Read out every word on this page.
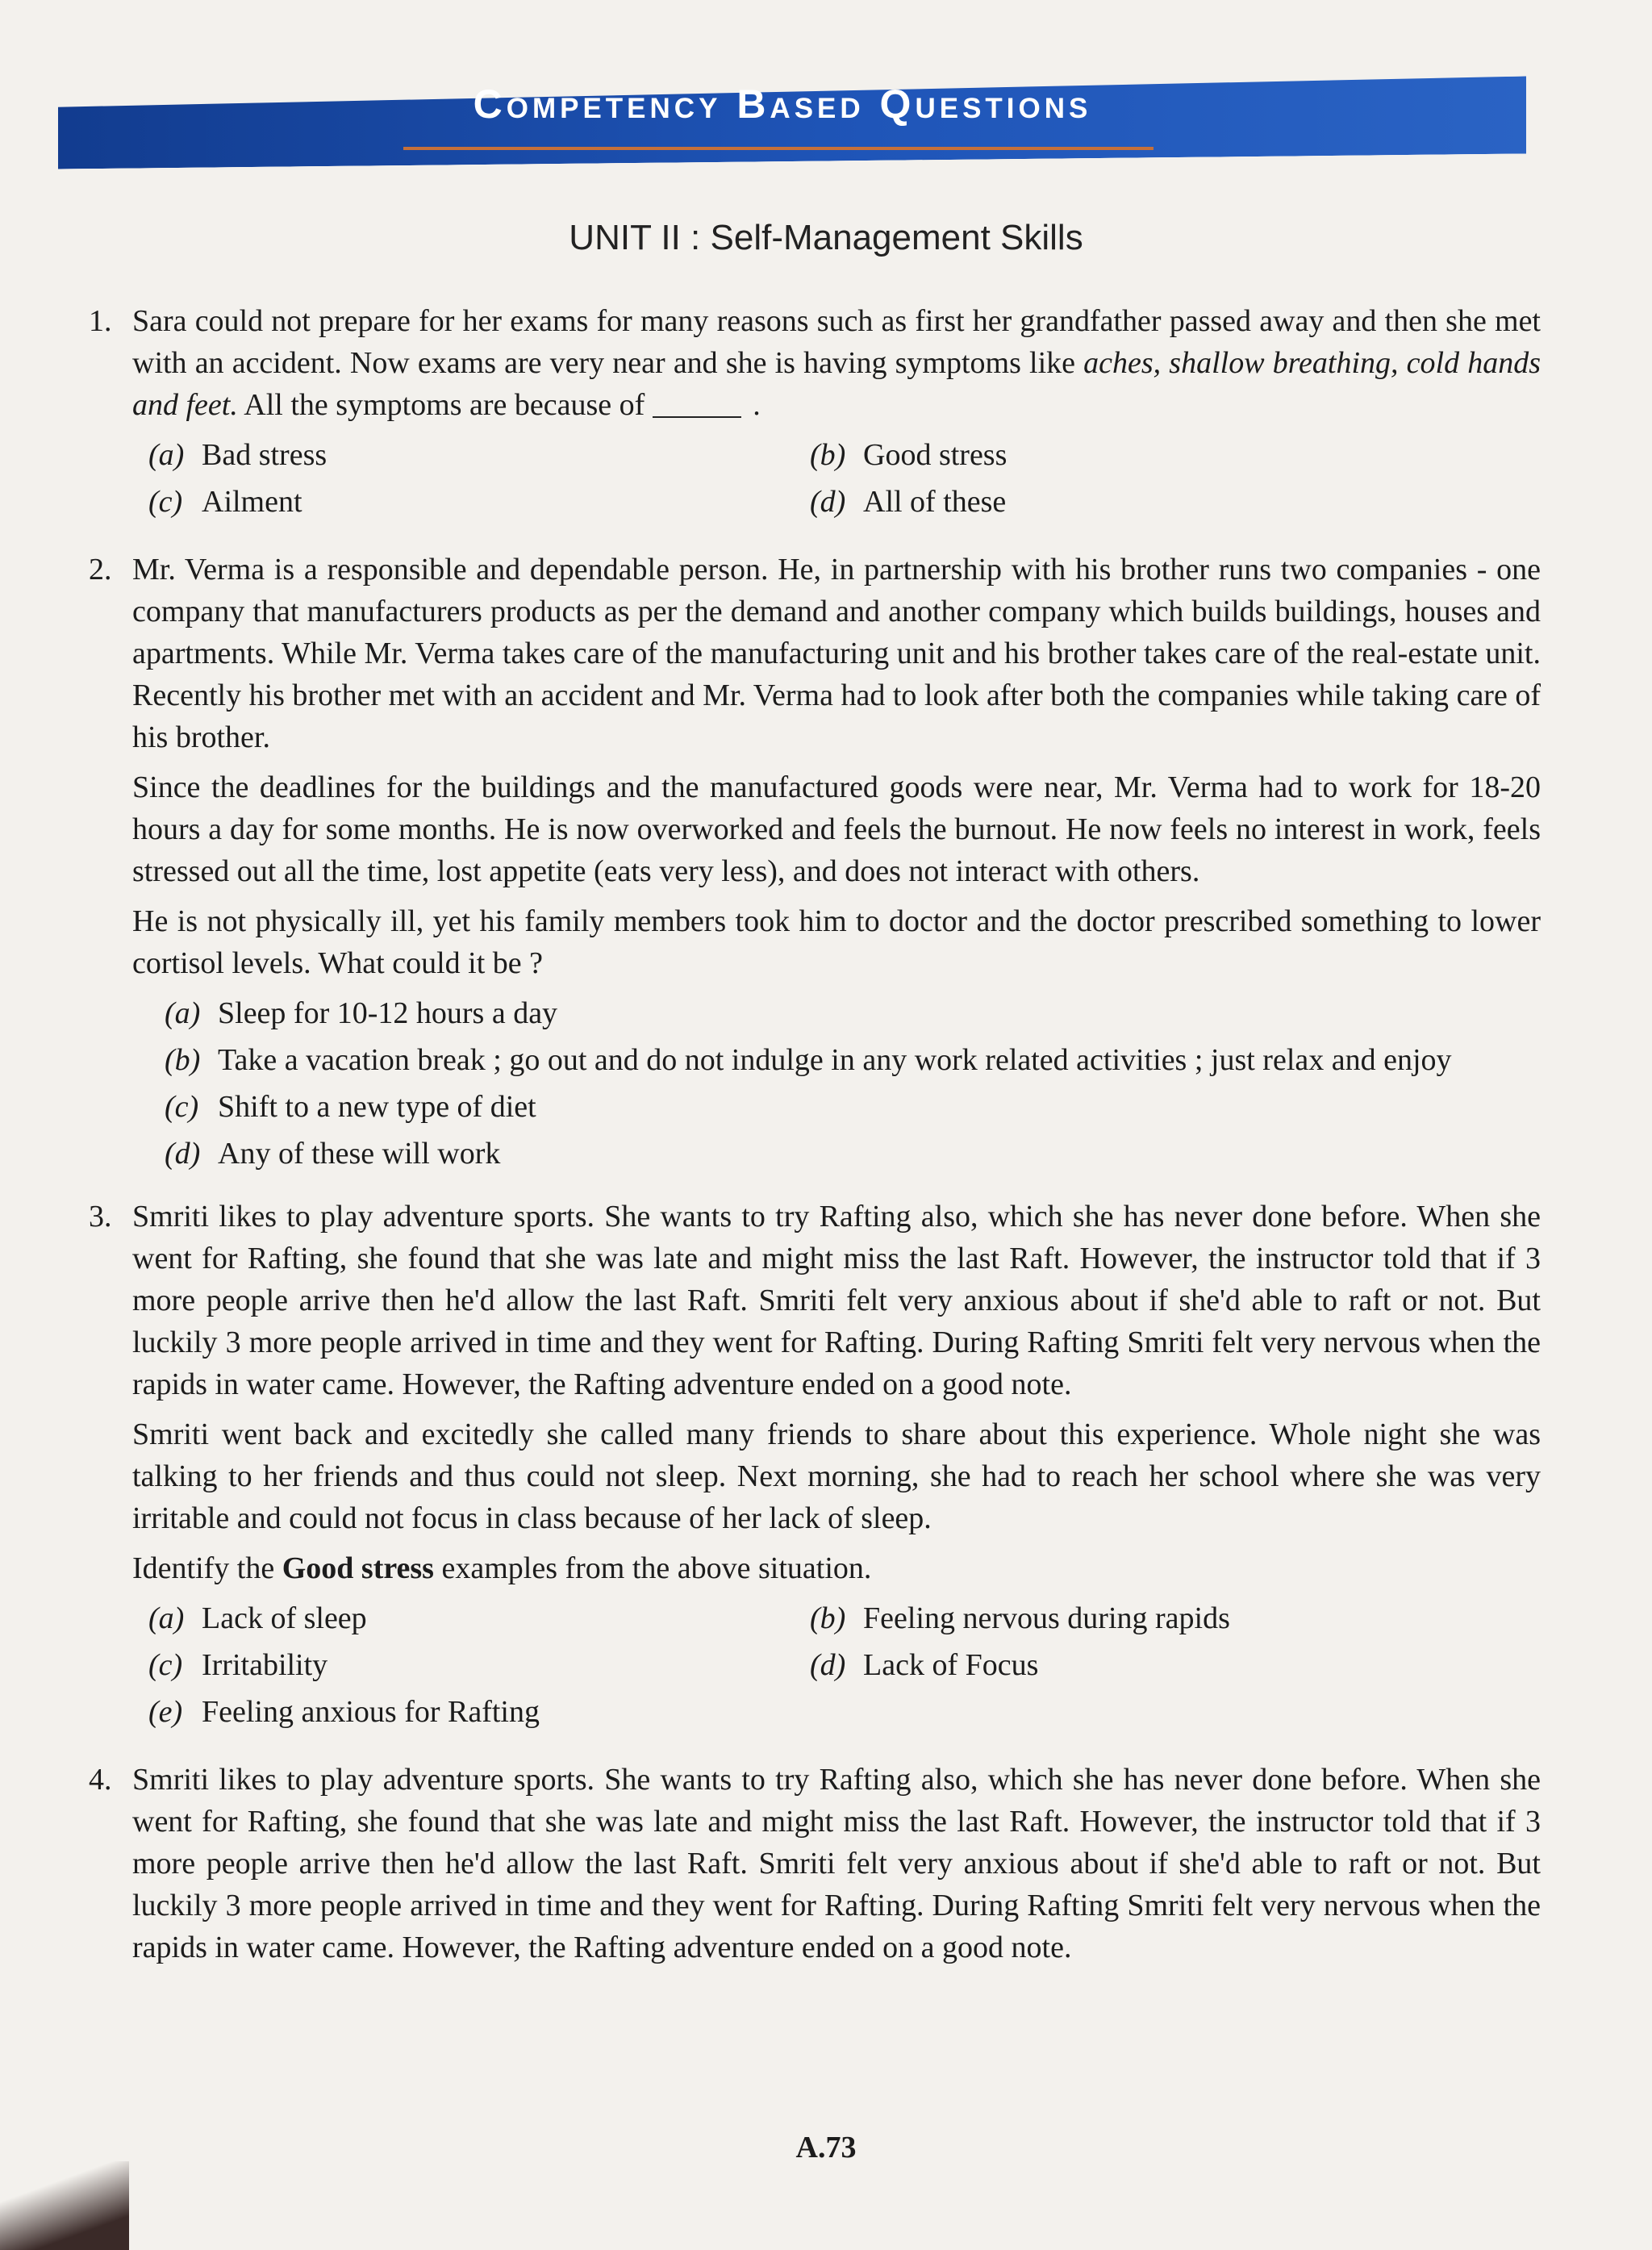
Competency Based Questions
UNIT II : Self-Management Skills
1. Sara could not prepare for her exams for many reasons such as first her grandfather passed away and then she met with an accident. Now exams are very near and she is having symptoms like aches, shallow breathing, cold hands and feet. All the symptoms are because of	.

(a) Bad stress	(b) Good stress
(c) Ailment	(d) All of these
2. Mr. Verma is a responsible and dependable person. He, in partnership with his brother runs two companies - one company that manufacturers products as per the demand and another company which builds buildings, houses and apartments. While Mr. Verma takes care of the manufacturing unit and his brother takes care of the real-estate unit. Recently his brother met with an accident and Mr. Verma had to look after both the companies while taking care of his brother.

Since the deadlines for the buildings and the manufactured goods were near, Mr. Verma had to work for 18-20 hours a day for some months. He is now overworked and feels the burnout. He now feels no interest in work, feels stressed out all the time, lost appetite (eats very less), and does not interact with others.

He is not physically ill, yet his family members took him to doctor and the doctor prescribed something to lower cortisol levels. What could it be ?

(a) Sleep for 10-12 hours a day
(b) Take a vacation break ; go out and do not indulge in any work related activities ; just relax and enjoy
(c) Shift to a new type of diet
(d) Any of these will work
3. Smriti likes to play adventure sports. She wants to try Rafting also, which she has never done before. When she went for Rafting, she found that she was late and might miss the last Raft. However, the instructor told that if 3 more people arrive then he'd allow the last Raft. Smriti felt very anxious about if she'd able to raft or not. But luckily 3 more people arrived in time and they went for Rafting. During Rafting Smriti felt very nervous when the rapids in water came. However, the Rafting adventure ended on a good note.

Smriti went back and excitedly she called many friends to share about this experience. Whole night she was talking to her friends and thus could not sleep. Next morning, she had to reach her school where she was very irritable and could not focus in class because of her lack of sleep.

Identify the Good stress examples from the above situation.

(a) Lack of sleep	(b) Feeling nervous during rapids
(c) Irritability	(d) Lack of Focus
(e) Feeling anxious for Rafting
4. Smriti likes to play adventure sports. She wants to try Rafting also, which she has never done before. When she went for Rafting, she found that she was late and might miss the last Raft. However, the instructor told that if 3 more people arrive then he'd allow the last Raft. Smriti felt very anxious about if she'd able to raft or not. But luckily 3 more people arrived in time and they went for Rafting. During Rafting Smriti felt very nervous when the rapids in water came. However, the Rafting adventure ended on a good note.

A.73
